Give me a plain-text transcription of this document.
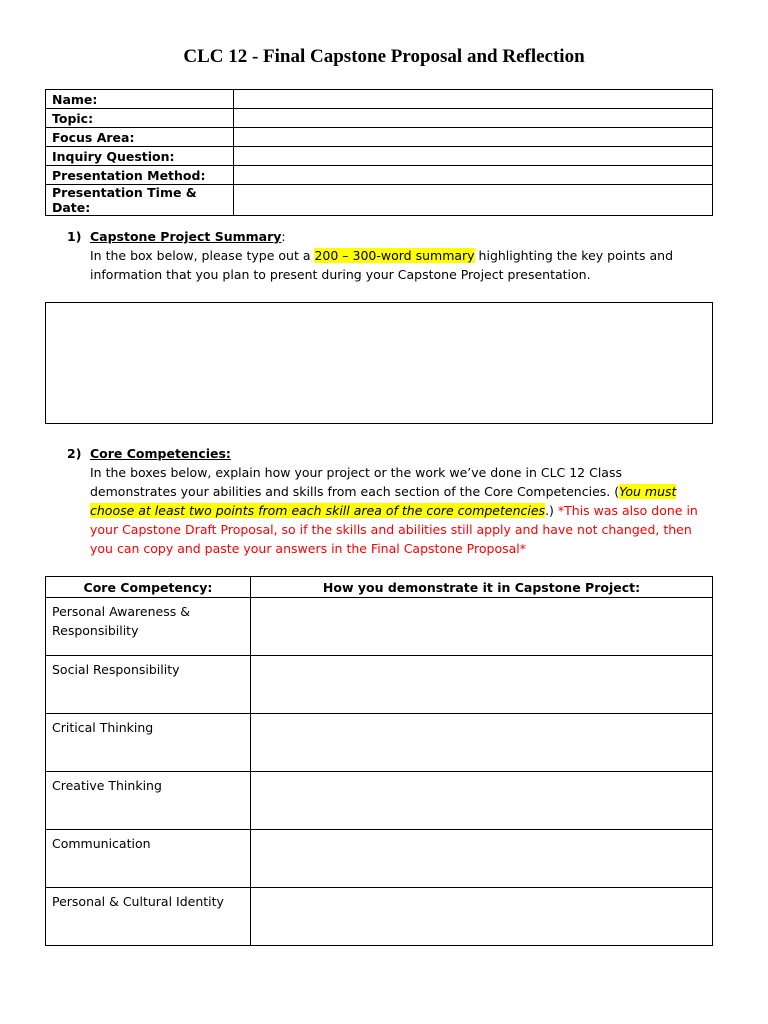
CLC 12 - Final Capstone Proposal and Reflection
Name:	
Topic:	
Focus Area:	
Inquiry Question:	
Presentation Method:	
Presentation Time & Date:	
1) Capstone Project Summary:
In the box below, please type out a 200 – 300-word summary highlighting the key points and information that you plan to present during your Capstone Project presentation.
2) Core Competencies:
In the boxes below, explain how your project or the work we’ve done in CLC 12 Class demonstrates your abilities and skills from each section of the Core Competencies. (You must choose at least two points from each skill area of the core competencies.) *This was also done in your Capstone Draft Proposal, so if the skills and abilities still apply and have not changed, then you can copy and paste your answers in the Final Capstone Proposal*
Core Competency:	How you demonstrate it in Capstone Project:
Personal Awareness & Responsibility	
Social Responsibility	
Critical Thinking	
Creative Thinking	
Communication	
Personal & Cultural Identity	
